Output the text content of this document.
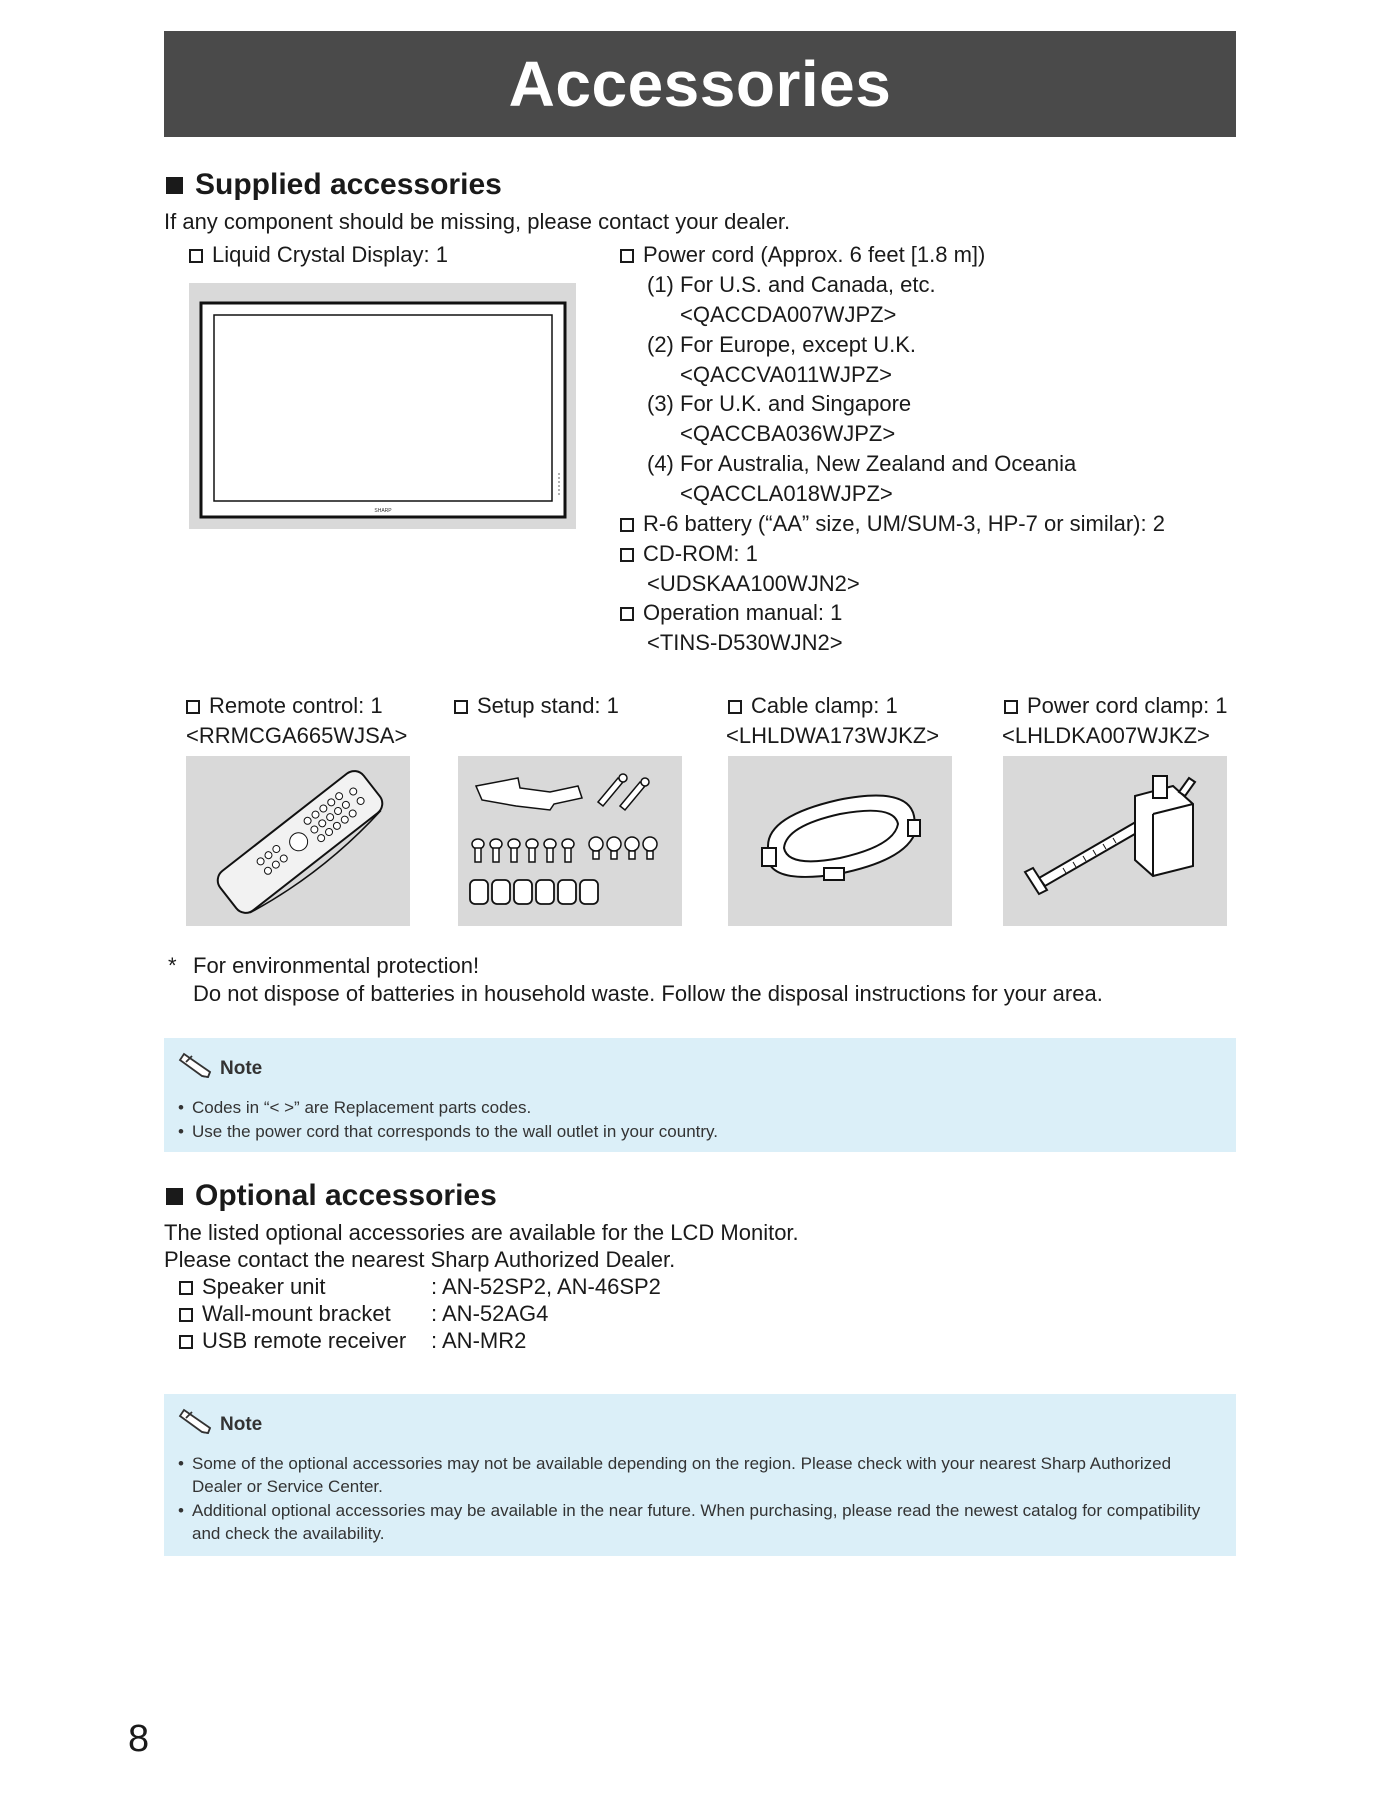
Accessories
Supplied accessories
If any component should be missing, please contact your dealer.
Liquid Crystal Display: 1
SHARP
Power cord (Approx. 6 feet [1.8 m])
(1) For U.S. and Canada, etc.
<QACCDA007WJPZ>
(2) For Europe, except U.K.
<QACCVA011WJPZ>
(3) For U.K. and Singapore
<QACCBA036WJPZ>
(4) For Australia, New Zealand and Oceania
<QACCLA018WJPZ>
R-6 battery (“AA” size, UM/SUM-3, HP-7 or similar): 2
CD-ROM: 1
<UDSKAA100WJN2>
Operation manual: 1
<TINS-D530WJN2>
Remote control: 1
<RRMCGA665WJSA>
Setup stand: 1	Cable clamp: 1
<LHLDWA173WJKZ>
Power cord clamp: 1
<LHLDKA007WJKZ>
* For environmental protection!
Do not dispose of batteries in household waste. Follow the disposal instructions for your area.
Note
• Codes in “< >” are Replacement parts codes.
• Use the power cord that corresponds to the wall outlet in your country.
Optional accessories
The listed optional accessories are available for the LCD Monitor.
Please contact the nearest Sharp Authorized Dealer.
Speaker unit	: AN-52SP2, AN-46SP2
Wall-mount bracket : AN-52AG4
USB remote receiver : AN-MR2
Note
• Some of the optional accessories may not be available depending on the region. Please check with your nearest Sharp Authorized Dealer or Service Center.
• Additional optional accessories may be available in the near future. When purchasing, please read the newest catalog for compatibility and check the availability.
8
